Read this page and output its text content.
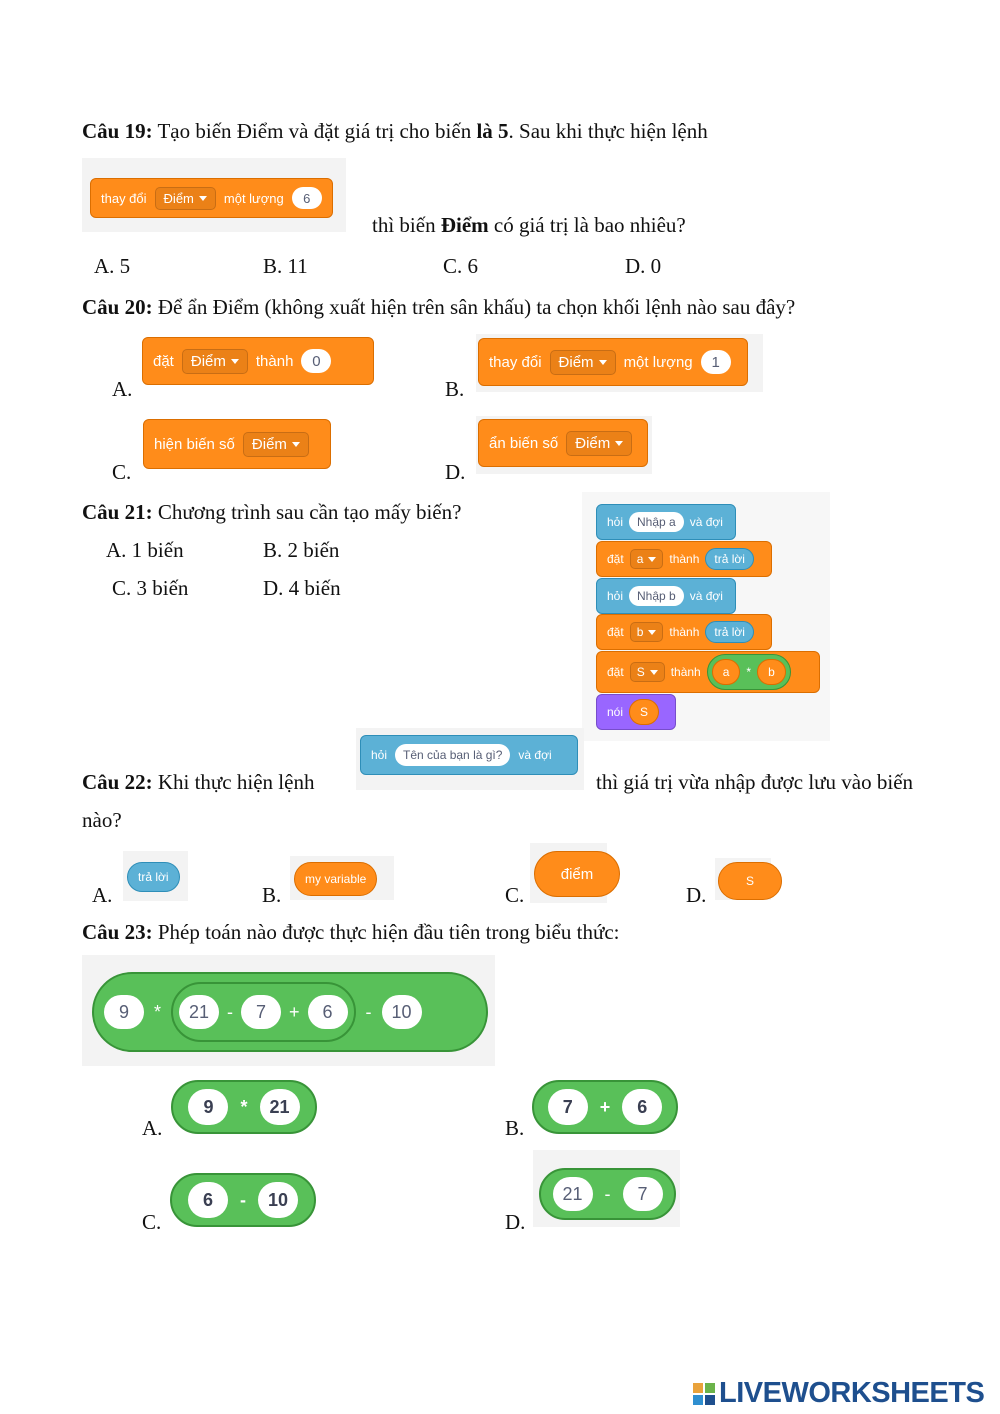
Câu 19: Tạo biến Điểm và đặt giá trị cho biến là 5. Sau khi thực hiện lệnh
thay đổi Điểm một lượng	6
thì biến Điểm có giá trị là bao nhiêu?
A. 5	B. 11	C. 6	D. 0
Câu 20: Để ẩn Điểm (không xuất hiện trên sân khấu) ta chọn khối lệnh nào sau đây?
A.
đặt Điểm thành	0
B.
thay đổi Điểm một lượng	1
C.
hiện biến số Điểm
D.
ẩn biến số Điểm
Câu 21: Chương trình sau cần tạo mấy biến?
A. 1 biến	B. 2 biến
C. 3 biến	D. 4 biến
hỏi	Nhập a	và đợi
đặt a thành	trả lời
hỏi	Nhập b	và đợi
đặt b thành	trả lời
đặt S thành	a	*	b
nói	S
hỏi	Tên của bạn là gì?	và đợi
Câu 22: Khi thực hiện lệnh	thì giá trị vừa nhập được lưu vào biến
nào?
A.
trả lời
B.
my variable
C.
điểm
D.
S
Câu 23: Phép toán nào được thực hiện đầu tiên trong biểu thức:
9	*	21 -	7	+	6	-	10
A.
9	*	21
B.
7	+	6
C.
6	-	10
D.
21	-	7
LIVEWORKSHEETS
